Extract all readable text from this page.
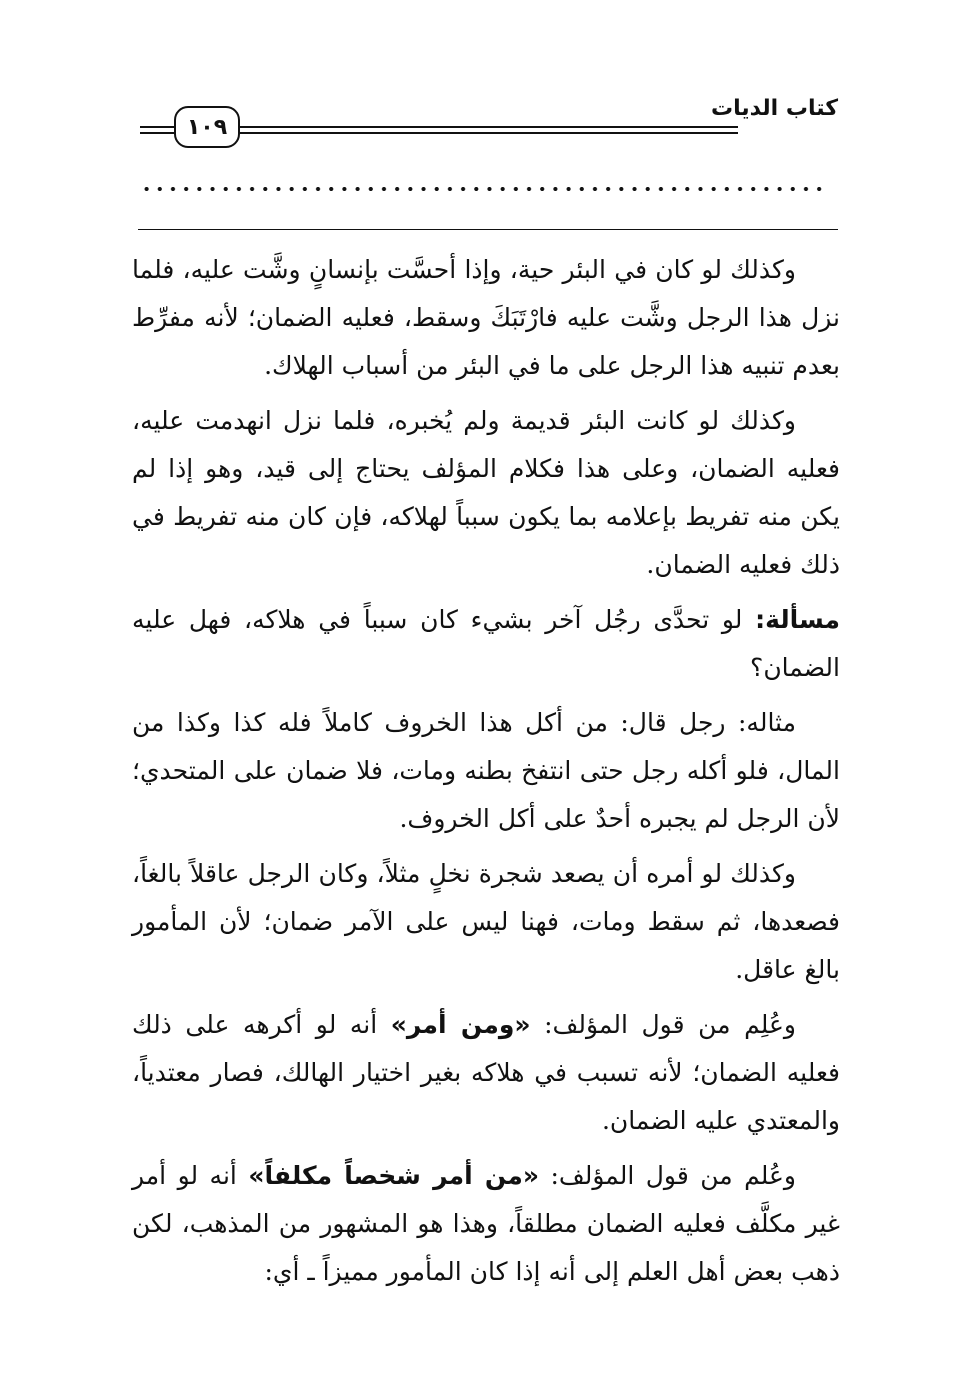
١٠٩
كتاب الديات

وكذلك لو كان في البئر حية، وإذا أحسَّت بإنسانٍ وشَّت عليه، فلما نزل هذا الرجل وشَّت عليه فارْتَبَكَ وسقط، فعليه الضمان؛ لأنه مفرِّط بعدم تنبيه هذا الرجل على ما في البئر من أسباب الهلاك.

وكذلك لو كانت البئر قديمة ولم يُخبره، فلما نزل انهدمت عليه، فعليه الضمان، وعلى هذا فكلام المؤلف يحتاج إلى قيد، وهو إذا لم يكن منه تفريط بإعلامه بما يكون سبباً لهلاكه، فإن كان منه تفريط في ذلك فعليه الضمان.

مسألة: لو تحدَّى رجُل آخر بشيء كان سبباً في هلاكه، فهل عليه الضمان؟

مثاله: رجل قال: من أكل هذا الخروف كاملاً فله كذا وكذا من المال، فلو أكله رجل حتى انتفخ بطنه ومات، فلا ضمان على المتحدي؛ لأن الرجل لم يجبره أحدٌ على أكل الخروف.

وكذلك لو أمره أن يصعد شجرة نخلٍ مثلاً، وكان الرجل عاقلاً بالغاً، فصعدها، ثم سقط ومات، فهنا ليس على الآمر ضمان؛ لأن المأمور بالغ عاقل.

وعُلِم من قول المؤلف: «ومن أمر» أنه لو أكرهه على ذلك فعليه الضمان؛ لأنه تسبب في هلاكه بغير اختيار الهالك، فصار معتدياً، والمعتدي عليه الضمان.

وعُلم من قول المؤلف: «من أمر شخصاً مكلفاً» أنه لو أمر غير مكلَّف فعليه الضمان مطلقاً، وهذا هو المشهور من المذهب، لكن ذهب بعض أهل العلم إلى أنه إذا كان المأمور مميزاً ـ أي:
